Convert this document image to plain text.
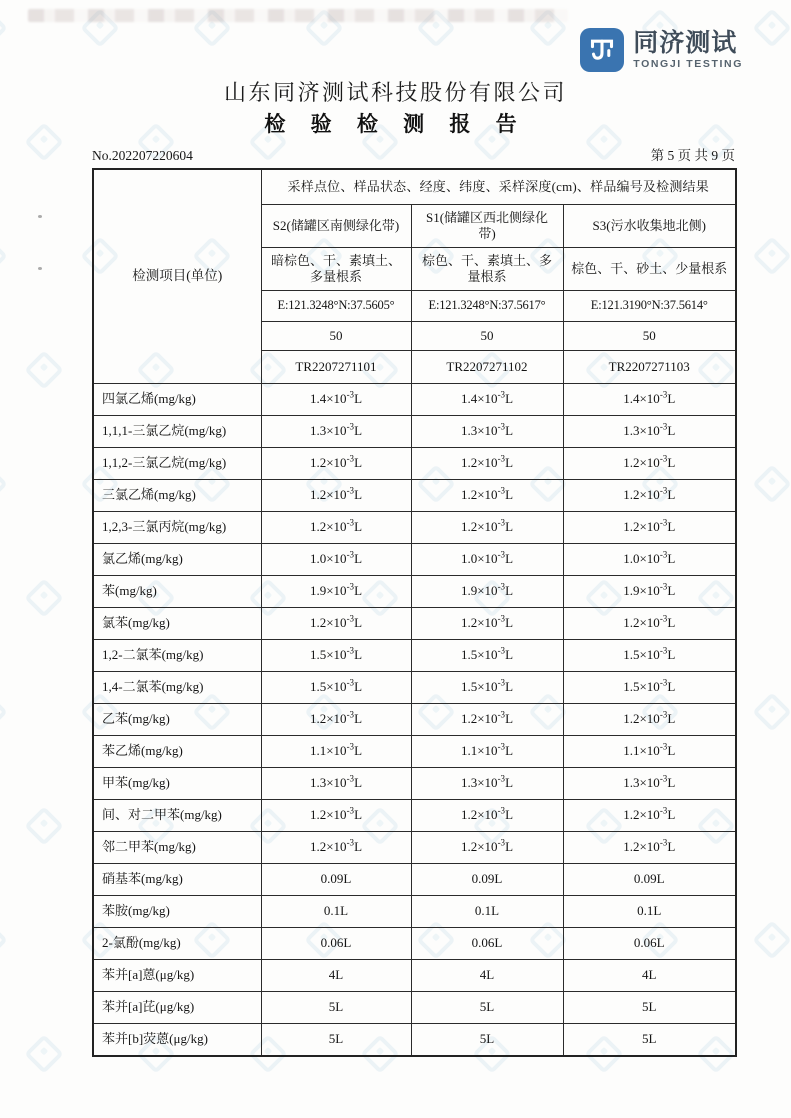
同济测试
TONGJI TESTING
山东同济测试科技股份有限公司
检 验 检 测 报 告
No.202207220604	第 5 页 共 9 页
检测项目(单位)	采样点位、样品状态、经度、纬度、采样深度(cm)、样品编号及检测结果		
	S2(储罐区南侧绿化带)	S1(储罐区西北侧绿化带)	S3(污水收集地北侧)
	暗棕色、干、素填土、多量根系	棕色、干、素填土、多量根系	棕色、干、砂土、少量根系
	E:121.3248°N:37.5605°	E:121.3248°N:37.5617°	E:121.3190°N:37.5614°
	50	50	50
	TR2207271101	TR2207271102	TR2207271103
四氯乙烯(mg/kg)	$1.4\times 10^{-3}L$	$1.4\times 10^{-3}L$	$1.4\times 10^{-3}L$
1,1,1-三氯乙烷(mg/kg)	$1.3\times 10^{-3}L$	$1.3\times 10^{-3}L$	$1.3\times 10^{-3}L$
1,1,2-三氯乙烷(mg/kg)	$1.2\times 10^{-3}L$	$1.2\times 10^{-3}L$	$1.2\times 10^{-3}L$
三氯乙烯(mg/kg)	$1.2\times 10^{-3}L$	$1.2\times 10^{-3}L$	$1.2\times 10^{-3}L$
1,2,3-三氯丙烷(mg/kg)	$1.2\times 10^{-3}L$	$1.2\times 10^{-3}L$	$1.2\times 10^{-3}L$
氯乙烯(mg/kg)	$1.0\times 10^{-3}L$	$1.0\times 10^{-3}L$	$1.0\times 10^{-3}L$
苯(mg/kg)	$1.9\times 10^{-3}L$	$1.9\times 10^{-3}L$	$1.9\times 10^{-3}L$
氯苯(mg/kg)	$1.2\times 10^{-3}L$	$1.2\times 10^{-3}L$	$1.2\times 10^{-3}L$
1,2-二氯苯(mg/kg)	$1.5\times 10^{-3}L$	$1.5\times 10^{-3}L$	$1.5\times 10^{-3}L$
1,4-二氯苯(mg/kg)	$1.5\times 10^{-3}L$	$1.5\times 10^{-3}L$	$1.5\times 10^{-3}L$
乙苯(mg/kg)	$1.2\times 10^{-3}L$	$1.2\times 10^{-3}L$	$1.2\times 10^{-3}L$
苯乙烯(mg/kg)	$1.1\times 10^{-3}L$	$1.1\times 10^{-3}L$	$1.1\times 10^{-3}L$
甲苯(mg/kg)	$1.3\times 10^{-3}L$	$1.3\times 10^{-3}L$	$1.3\times 10^{-3}L$
间、对二甲苯(mg/kg)	$1.2\times 10^{-3}L$	$1.2\times 10^{-3}L$	$1.2\times 10^{-3}L$
邻二甲苯(mg/kg)	$1.2\times 10^{-3}L$	$1.2\times 10^{-3}L$	$1.2\times 10^{-3}L$
硝基苯(mg/kg)	0.09L	0.09L	0.09L
苯胺(mg/kg)	0.1L	0.1L	0.1L
2-氯酚(mg/kg)	0.06L	0.06L	0.06L
苯并[a]蒽(μg/kg)	4L	4L	4L
苯并[a]芘(μg/kg)	5L	5L	5L
苯并[b]荧蒽(μg/kg)	5L	5L	5L
